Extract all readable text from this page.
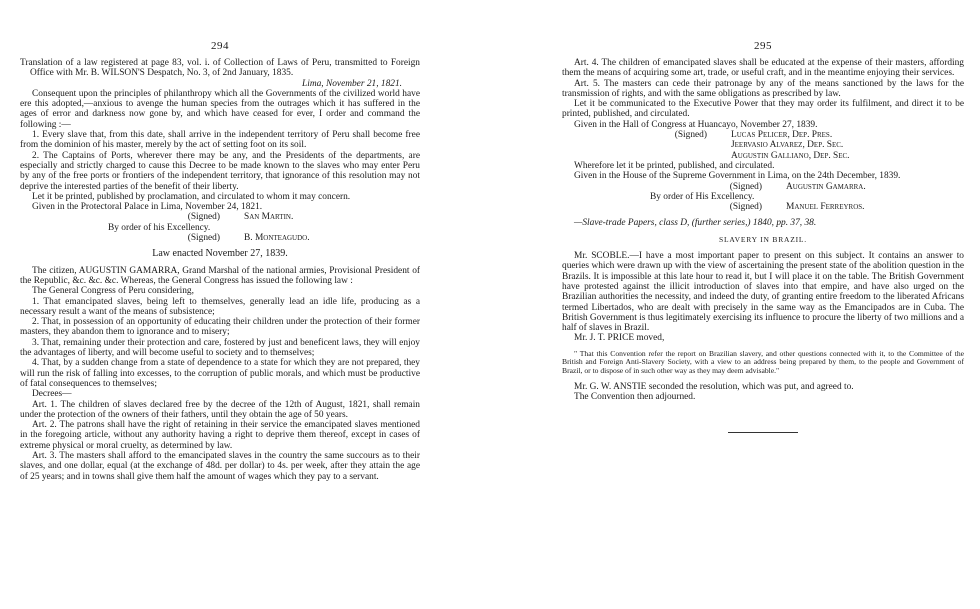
294

Translation of a law registered at page 83, vol. i. of Collection of Laws of Peru, transmitted to Foreign Office with Mr. B. WILSON'S Despatch, No. 3, of 2nd January, 1835.

Lima, November 21, 1821.

Consequent upon the principles of philanthropy which all the Governments of the civilized world have ere this adopted,—anxious to avenge the human species from the outrages which it has suffered in the ages of error and darkness now gone by, and which have ceased for ever, I order and command the following :—

1. Every slave that, from this date, shall arrive in the independent territory of Peru shall become free from the dominion of his master, merely by the act of setting foot on its soil.

2. The Captains of Ports, wherever there may be any, and the Presidents of the departments, are especially and strictly charged to cause this Decree to be made known to the slaves who may enter Peru by any of the free ports or frontiers of the independent territory, that ignorance of this resolution may not deprive the interested parties of the benefit of their liberty.

Let it be printed, published by proclamation, and circulated to whom it may concern.

Given in the Protectoral Palace in Lima, November 24, 1821.

(Signed)	San Martin.

By order of his Excellency.

(Signed)	B. Monteagudo.

Law enacted November 27, 1839.

The citizen, AUGUSTIN GAMARRA, Grand Marshal of the national armies, Provisional President of the Republic, &c. &c. &c. Whereas, the General Congress has issued the following law :

The General Congress of Peru considering,

1. That emancipated slaves, being left to themselves, generally lead an idle life, producing as a necessary result a want of the means of subsistence;

2. That, in possession of an opportunity of educating their children under the protection of their former masters, they abandon them to ignorance and to misery;

3. That, remaining under their protection and care, fostered by just and beneficent laws, they will enjoy the advantages of liberty, and will become useful to society and to themselves;

4. That, by a sudden change from a state of dependence to a state for which they are not prepared, they will run the risk of falling into excesses, to the corruption of public morals, and which must be productive of fatal consequences to themselves;

Decrees—

Art. 1. The children of slaves declared free by the decree of the 12th of August, 1821, shall remain under the protection of the owners of their fathers, until they obtain the age of 50 years.

Art. 2. The patrons shall have the right of retaining in their service the emancipated slaves mentioned in the foregoing article, without any authority having a right to deprive them thereof, except in cases of extreme physical or moral cruelty, as determined by law.

Art. 3. The masters shall afford to the emancipated slaves in the country the same succours as to their slaves, and one dollar, equal (at the exchange of 48d. per dollar) to 4s. per week, after they attain the age of 25 years; and in towns shall give them half the amount of wages which they pay to a servant.

295

Art. 4. The children of emancipated slaves shall be educated at the expense of their masters, affording them the means of acquiring some art, trade, or useful craft, and in the meantime enjoying their services.

Art. 5. The masters can cede their patronage by any of the means sanctioned by the laws for the transmission of rights, and with the same obligations as prescribed by law.

Let it be communicated to the Executive Power that they may order its fulfilment, and direct it to be printed, published, and circulated.

Given in the Hall of Congress at Huancayo, November 27, 1839.

(Signed)	Lucas Pelicer, Dep. Pres.
Jeervasio Alvarez, Dep. Sec.
Augustin Galliano, Dep. Sec.

Wherefore let it be printed, published, and circulated.

Given in the House of the Supreme Government in Lima, on the 24th December, 1839.

(Signed)	Augustin Gamarra.

By order of His Excellency.

(Signed)	Manuel Ferreyros.

—Slave-trade Papers, class D, (further series,) 1840, pp. 37, 38.

SLAVERY IN BRAZIL.

Mr. SCOBLE.—I have a most important paper to present on this subject. It contains an answer to queries which were drawn up with the view of ascertaining the present state of the abolition question in the Brazils. It is impossible at this late hour to read it, but I will place it on the table. The British Government have protested against the illicit introduction of slaves into that empire, and have also urged on the Brazilian authorities the necessity, and indeed the duty, of granting entire freedom to the liberated Africans termed Libertados, who are dealt with precisely in the same way as the Emancipados are in Cuba. The British Government is thus legitimately exercising its influence to procure the liberty of two millions and a half of slaves in Brazil.

Mr. J. T. PRICE moved,

" That this Convention refer the report on Brazilian slavery, and other questions connected with it, to the Committee of the British and Foreign Anti-Slavery Society, with a view to an address being prepared by them, to the people and Government of Brazil, or to dispose of in such other way as they may deem advisable."

Mr. G. W. ANSTIE seconded the resolution, which was put, and agreed to.

The Convention then adjourned.
